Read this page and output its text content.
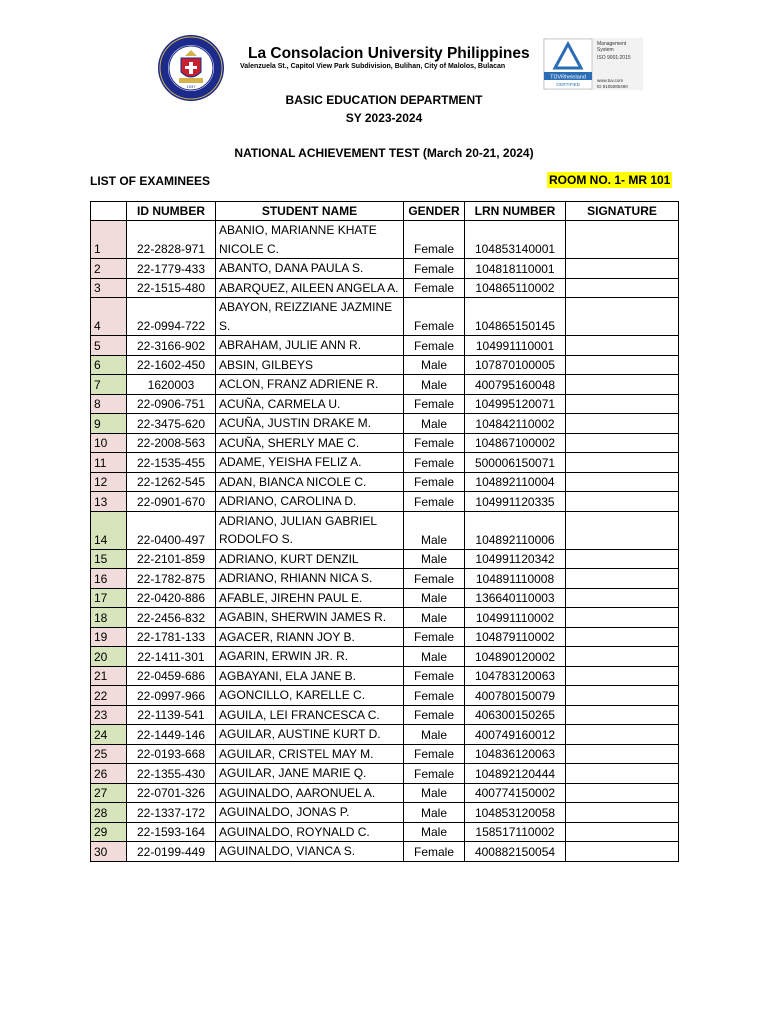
1937
La Consolacion University Philippines
Valenzuela St., Capitol View Park Subdivision, Bulihan, City of Malolos, Bulacan
TÜVRheinland
CERTIFIED
Management
System
ISO 9001:2015
www.tuv.com
ID 9105085490
BASIC EDUCATION DEPARTMENT
SY 2023-2024
NATIONAL ACHIEVEMENT TEST (March 20-21, 2024)
LIST OF EXAMINEES	ROOM NO. 1- MR 101
	ID NUMBER	STUDENT NAME	GENDER	LRN NUMBER	SIGNATURE
1	22-2828-971	ABANIO, MARIANNE KHATE NICOLE C.	Female	104853140001	
2	22-1779-433	ABANTO, DANA PAULA S.	Female	104818110001	
3	22-1515-480	ABARQUEZ, AILEEN ANGELA A.	Female	104865110002	
4	22-0994-722	ABAYON, REIZZIANE JAZMINE S.	Female	104865150145	
5	22-3166-902	ABRAHAM, JULIE ANN R.	Female	104991110001	
6	22-1602-450	ABSIN, GILBEYS	Male	107870100005	
7	1620003	ACLON, FRANZ ADRIENE R.	Male	400795160048	
8	22-0906-751	ACUÑA, CARMELA U.	Female	104995120071	
9	22-3475-620	ACUÑA, JUSTIN DRAKE M.	Male	104842110002	
10	22-2008-563	ACUÑA, SHERLY MAE C.	Female	104867100002	
11	22-1535-455	ADAME, YEISHA FELIZ A.	Female	500006150071	
12	22-1262-545	ADAN, BIANCA NICOLE C.	Female	104892110004	
13	22-0901-670	ADRIANO, CAROLINA D.	Female	104991120335	
14	22-0400-497	ADRIANO, JULIAN GABRIEL RODOLFO S.	Male	104892110006	
15	22-2101-859	ADRIANO, KURT DENZIL	Male	104991120342	
16	22-1782-875	ADRIANO, RHIANN NICA S.	Female	104891110008	
17	22-0420-886	AFABLE, JIREHN PAUL E.	Male	136640110003	
18	22-2456-832	AGABIN, SHERWIN JAMES R.	Male	104991110002	
19	22-1781-133	AGACER, RIANN JOY B.	Female	104879110002	
20	22-1411-301	AGARIN, ERWIN JR. R.	Male	104890120002	
21	22-0459-686	AGBAYANI, ELA JANE B.	Female	104783120063	
22	22-0997-966	AGONCILLO, KARELLE C.	Female	400780150079	
23	22-1139-541	AGUILA, LEI FRANCESCA C.	Female	406300150265	
24	22-1449-146	AGUILAR, AUSTINE KURT D.	Male	400749160012	
25	22-0193-668	AGUILAR, CRISTEL MAY M.	Female	104836120063	
26	22-1355-430	AGUILAR, JANE MARIE Q.	Female	104892120444	
27	22-0701-326	AGUINALDO, AARONUEL A.	Male	400774150002	
28	22-1337-172	AGUINALDO, JONAS P.	Male	104853120058	
29	22-1593-164	AGUINALDO, ROYNALD C.	Male	158517110002	
30	22-0199-449	AGUINALDO, VIANCA S.	Female	400882150054	
